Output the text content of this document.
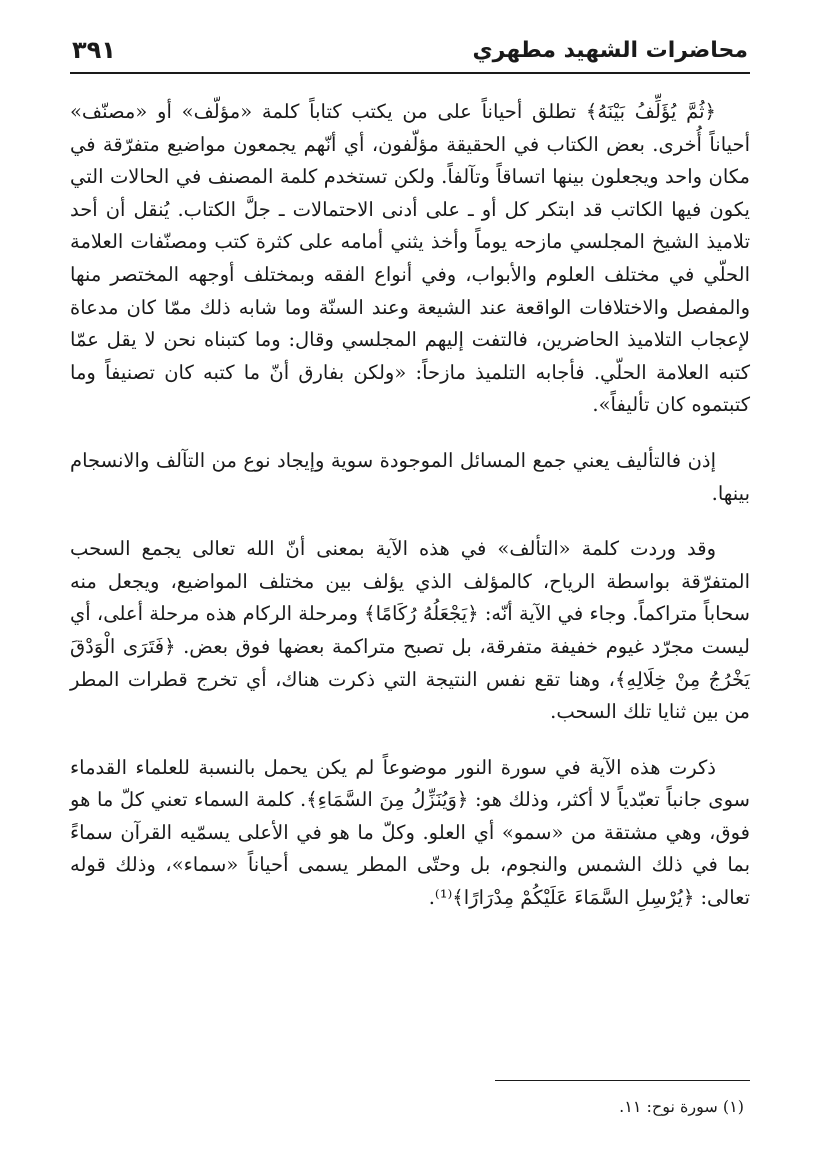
٣٩١	محاضرات الشهيد مطهري

﴿ثُمَّ يُؤَلِّفُ بَيْنَهُ﴾ تطلق أحياناً على من يكتب كتاباً كلمة «مؤلّف» أو «مصنّف» أحياناً أُخرى. بعض الكتاب في الحقيقة مؤلّفون، أي أنّهم يجمعون مواضيع متفرّقة في مكان واحد ويجعلون بينها اتساقاً وتآلفاً. ولكن تستخدم كلمة المصنف في الحالات التي يكون فيها الكاتب قد ابتكر كل أو ـ على أدنى الاحتمالات ـ جلَّ الكتاب. يُنقل أن أحد تلاميذ الشيخ المجلسي مازحه يوماً وأخذ يثني أمامه على كثرة كتب ومصنّفات العلامة الحلّي في مختلف العلوم والأبواب، وفي أنواع الفقه وبمختلف أوجهه المختصر منها والمفصل والاختلافات الواقعة عند الشيعة وعند السنّة وما شابه ذلك ممّا كان مدعاة لإعجاب التلاميذ الحاضرين، فالتفت إليهم المجلسي وقال: وما كتبناه نحن لا يقل عمّا كتبه العلامة الحلّي. فأجابه التلميذ مازحاً: «ولكن بفارق أنّ ما كتبه كان تصنيفاً وما كتبتموه كان تأليفاً».

إذن فالتأليف يعني جمع المسائل الموجودة سوية وإيجاد نوع من التآلف والانسجام بينها.

وقد وردت كلمة «التألف» في هذه الآية بمعنى أنّ الله تعالى يجمع السحب المتفرّقة بواسطة الرياح، كالمؤلف الذي يؤلف بين مختلف المواضيع، ويجعل منه سحاباً متراكماً. وجاء في الآية أنّه: ﴿يَجْعَلُهُ رُكَامًا﴾ ومرحلة الركام هذه مرحلة أعلى، أي ليست مجرّد غيوم خفيفة متفرقة، بل تصبح متراكمة بعضها فوق بعض. ﴿فَتَرَى الْوَدْقَ يَخْرُجُ مِنْ خِلَالِهِ﴾، وهنا تقع نفس النتيجة التي ذكرت هناك، أي تخرج قطرات المطر من بين ثنايا تلك السحب.

ذكرت هذه الآية في سورة النور موضوعاً لم يكن يحمل بالنسبة للعلماء القدماء سوى جانباً تعبّدياً لا أكثر، وذلك هو: ﴿وَيُنَزِّلُ مِنَ السَّمَاءِ﴾. كلمة السماء تعني كلّ ما هو فوق، وهي مشتقة من «سمو» أي العلو. وكلّ ما هو في الأعلى يسمّيه القرآن سماءً بما في ذلك الشمس والنجوم، بل وحتّى المطر يسمى أحياناً «سماء»، وذلك قوله تعالى: ﴿يُرْسِلِ السَّمَاءَ عَلَيْكُمْ مِدْرَارًا﴾⁽¹⁾.

(١) سورة نوح: ١١.
